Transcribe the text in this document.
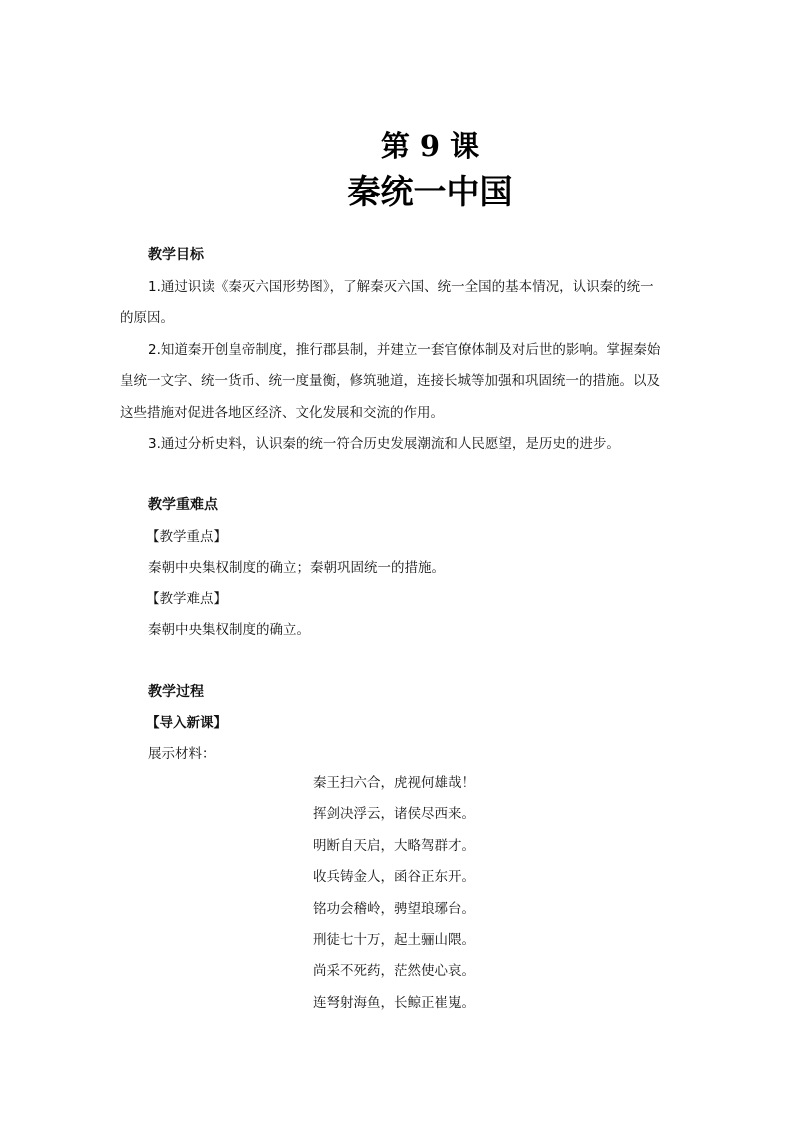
第 9 课
秦统一中国
教学目标

1.通过识读《秦灭六国形势图》，了解秦灭六国、统一全国的基本情况，认识秦的统一

的原因。

2.知道秦开创皇帝制度，推行郡县制，并建立一套官僚体制及对后世的影响。掌握秦始

皇统一文字、统一货币、统一度量衡，修筑驰道，连接长城等加强和巩固统一的措施。以及

这些措施对促进各地区经济、文化发展和交流的作用。

3.通过分析史料，认识秦的统一符合历史发展潮流和人民愿望，是历史的进步。

教学重难点

【教学重点】

秦朝中央集权制度的确立；秦朝巩固统一的措施。

【教学难点】

秦朝中央集权制度的确立。

教学过程

【导入新课】

展示材料：

秦王扫六合，虎视何雄哉！
挥剑决浮云，诸侯尽西来。
明断自天启，大略驾群才。
收兵铸金人，函谷正东开。
铭功会稽岭，骋望琅琊台。
刑徒七十万，起土骊山隈。
尚采不死药，茫然使心哀。
连弩射海鱼，长鲸正崔嵬。
